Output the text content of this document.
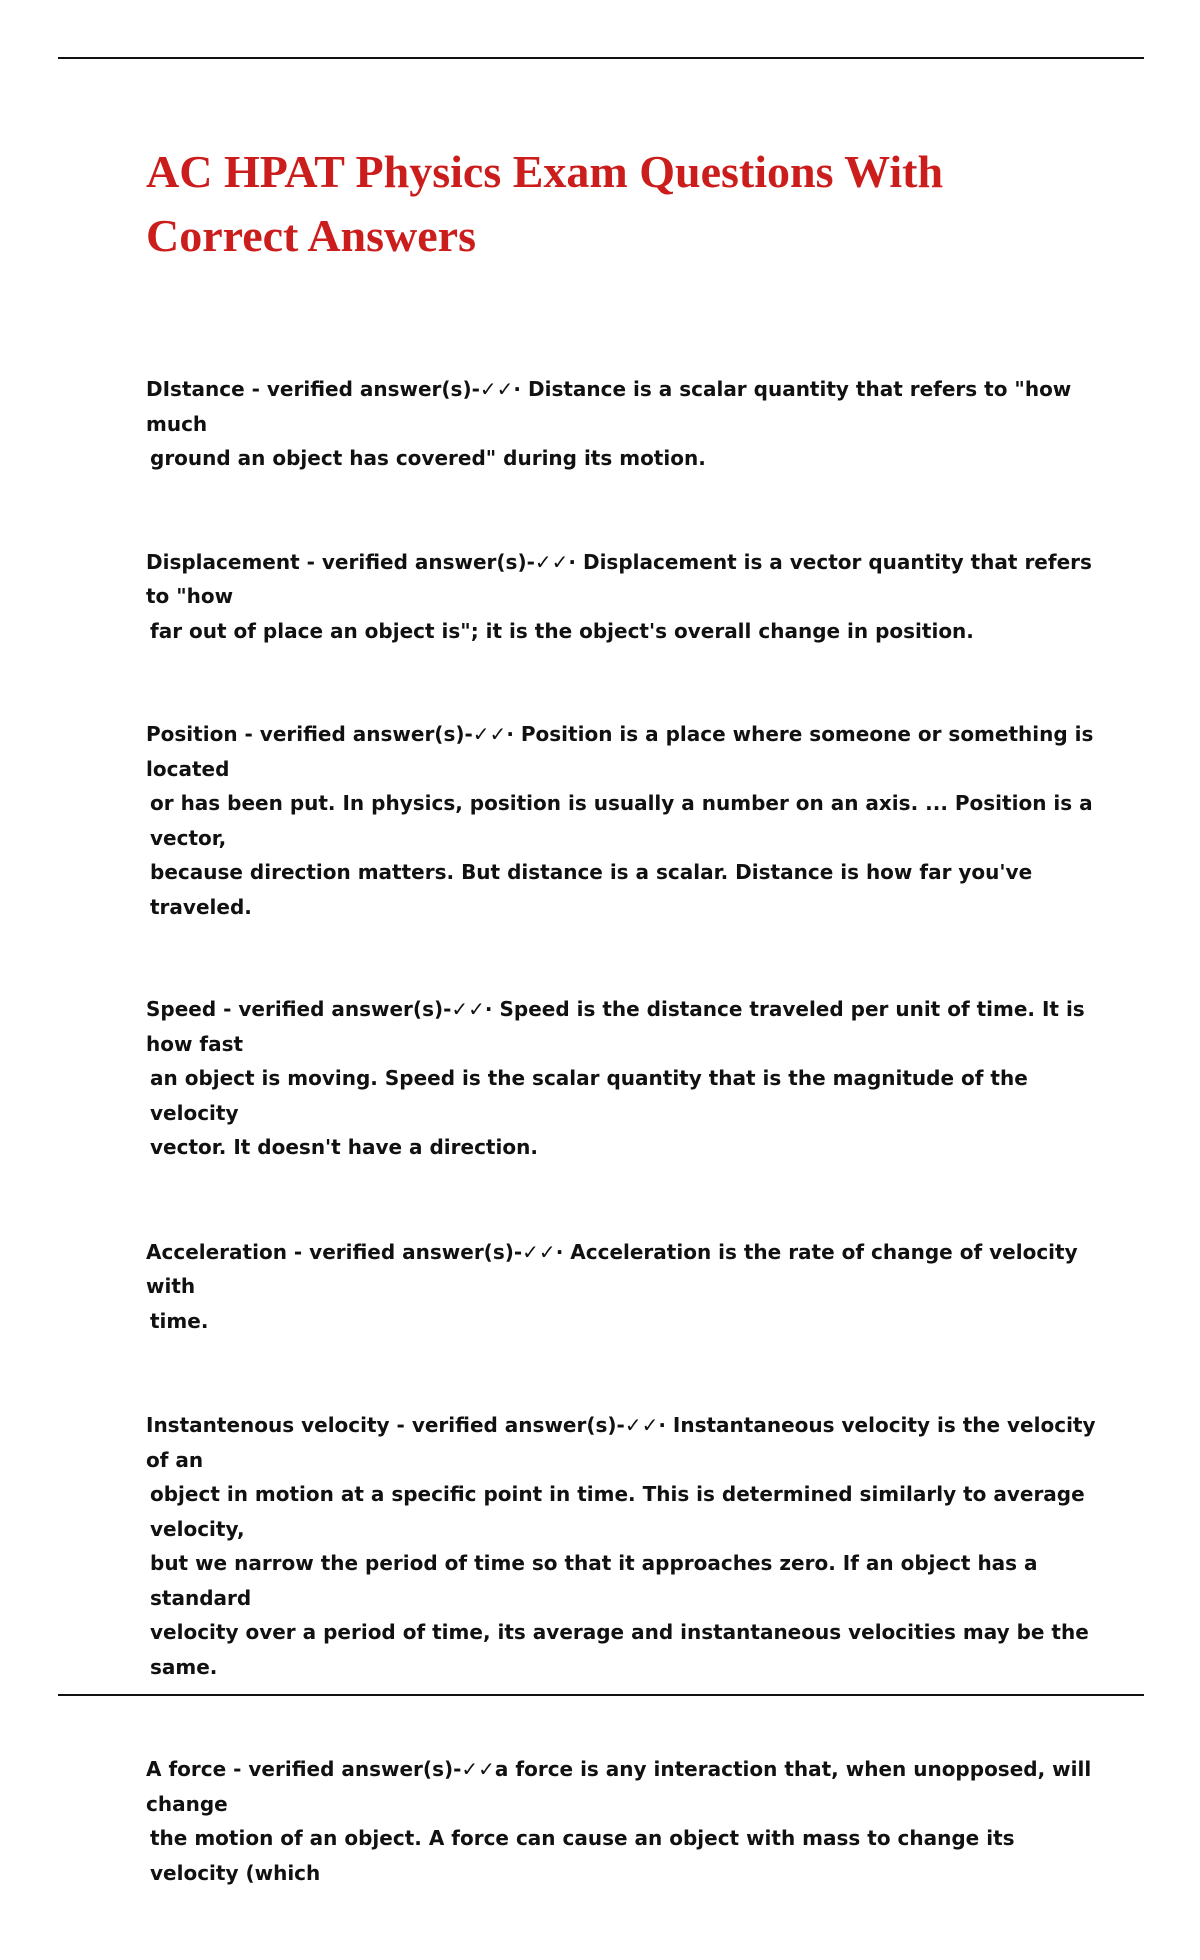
AC HPAT Physics Exam Questions With Correct Answers
DIstance - verified answer(s)-✓✓· Distance is a scalar quantity that refers to "how much
ground an object has covered" during its motion.
Displacement - verified answer(s)-✓✓· Displacement is a vector quantity that refers to "how
far out of place an object is"; it is the object's overall change in position.
Position - verified answer(s)-✓✓· Position is a place where someone or something is located
or has been put. In physics, position is usually a number on an axis. ... Position is a vector,
because direction matters. But distance is a scalar. Distance is how far you've traveled.
Speed - verified answer(s)-✓✓· Speed is the distance traveled per unit of time. It is how fast
an object is moving. Speed is the scalar quantity that is the magnitude of the velocity
vector. It doesn't have a direction.
Acceleration - verified answer(s)-✓✓· Acceleration is the rate of change of velocity with
time.
Instantenous velocity - verified answer(s)-✓✓· Instantaneous velocity is the velocity of an
object in motion at a specific point in time. This is determined similarly to average velocity,
but we narrow the period of time so that it approaches zero. If an object has a standard
velocity over a period of time, its average and instantaneous velocities may be the same.
A force - verified answer(s)-✓✓a force is any interaction that, when unopposed, will change
the motion of an object. A force can cause an object with mass to change its velocity (which
